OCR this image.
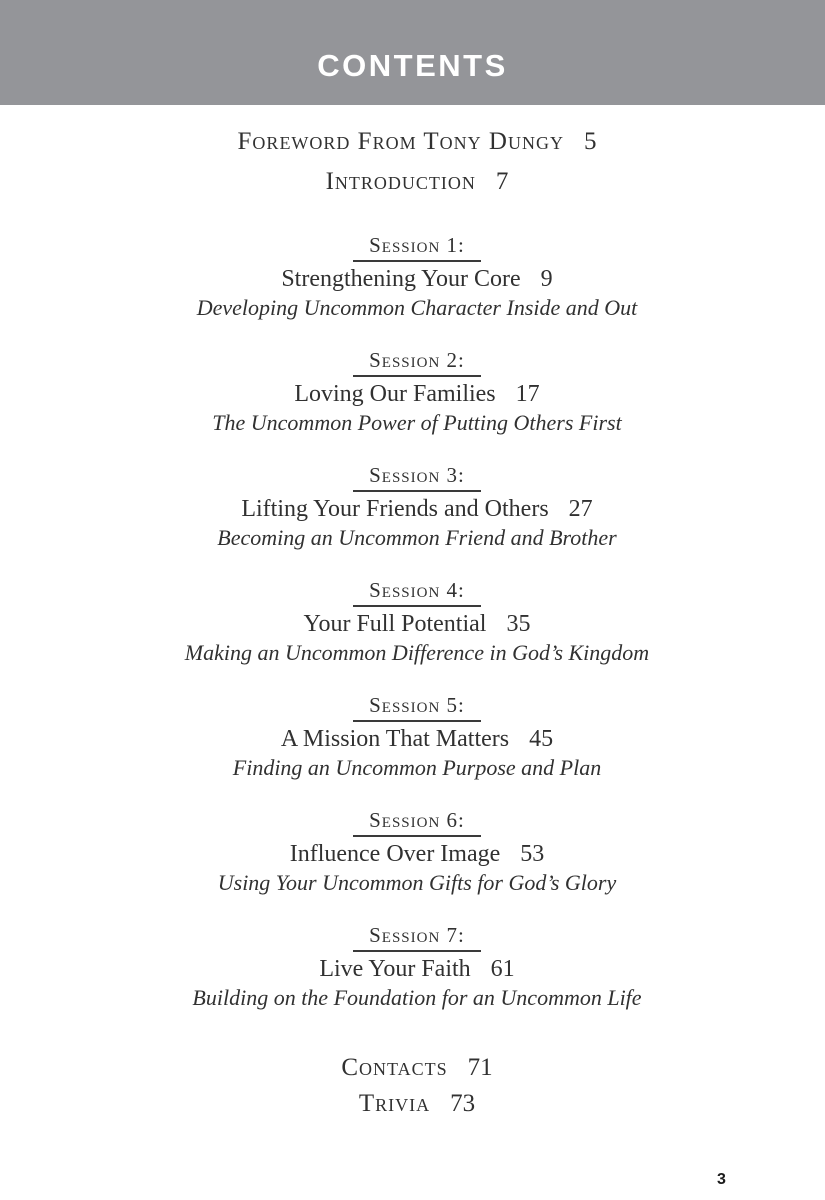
CONTENTS
Foreword From Tony Dungy 5
Introduction 7
Session 1:
Strengthening Your Core 9
Developing Uncommon Character Inside and Out
Session 2:
Loving Our Families 17
The Uncommon Power of Putting Others First
Session 3:
Lifting Your Friends and Others 27
Becoming an Uncommon Friend and Brother
Session 4:
Your Full Potential 35
Making an Uncommon Difference in God’s Kingdom
Session 5:
A Mission That Matters 45
Finding an Uncommon Purpose and Plan
Session 6:
Influence Over Image 53
Using Your Uncommon Gifts for God’s Glory
Session 7:
Live Your Faith 61
Building on the Foundation for an Uncommon Life
Contacts 71
Trivia 73
3
